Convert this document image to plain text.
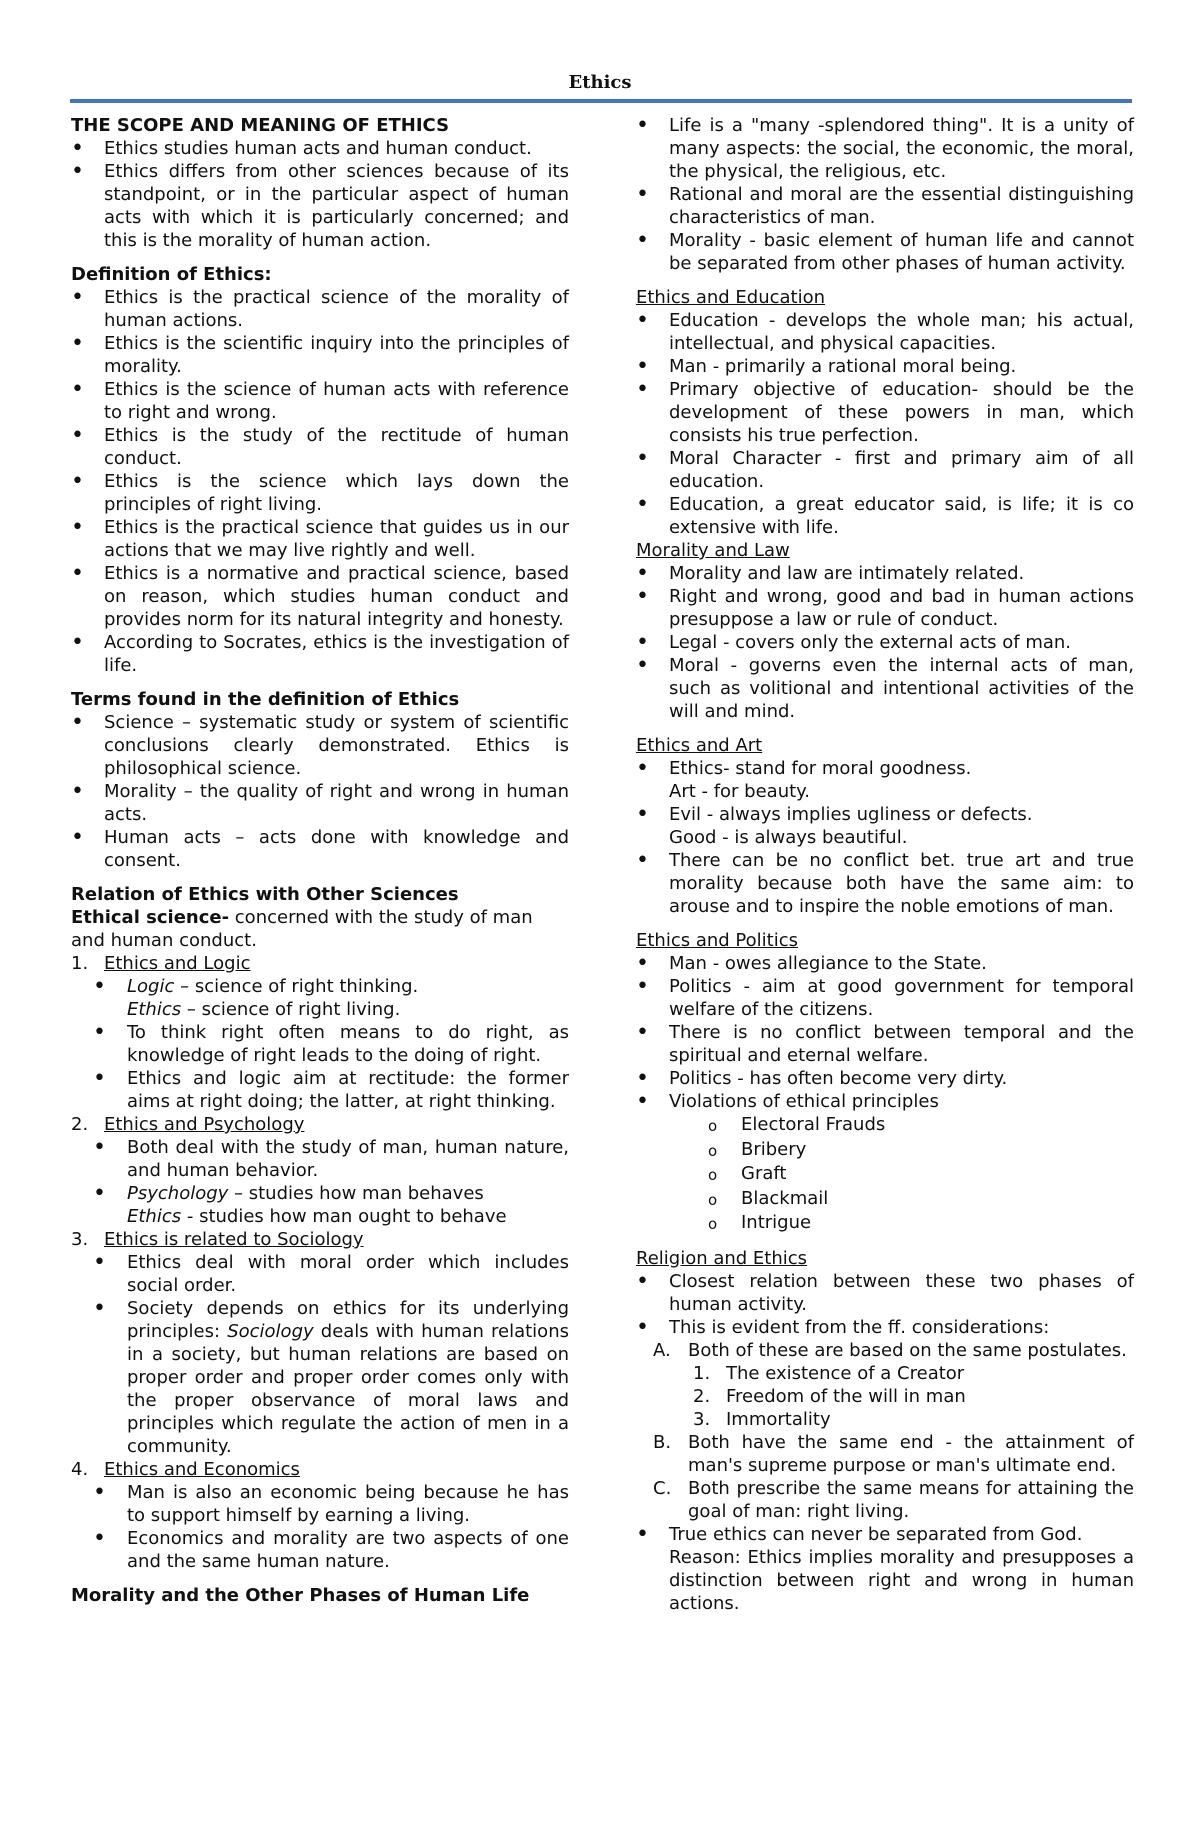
Ethics
THE SCOPE AND MEANING OF ETHICS
• Ethics studies human acts and human conduct.
• Ethics differs from other sciences because of its standpoint, or in the particular aspect of human acts with which it is particularly concerned; and this is the morality of human action.
Definition of Ethics:
• Ethics is the practical science of the morality of human actions.
• Ethics is the scientific inquiry into the principles of morality.
• Ethics is the science of human acts with reference to right and wrong.
• Ethics is the study of the rectitude of human conduct.
• Ethics is the science which lays down the principles of right living.
• Ethics is the practical science that guides us in our actions that we may live rightly and well.
• Ethics is a normative and practical science, based on reason, which studies human conduct and provides norm for its natural integrity and honesty.
• According to Socrates, ethics is the investigation of life.
Terms found in the definition of Ethics
• Science – systematic study or system of scientific conclusions clearly demonstrated. Ethics is philosophical science.
• Morality – the quality of right and wrong in human acts.
• Human acts – acts done with knowledge and consent.
Relation of Ethics with Other Sciences

Ethical science- concerned with the study of man and human conduct.

1. Ethics and Logic
• Logic – science of right thinking.
Ethics – science of right living.
• To think right often means to do right, as knowledge of right leads to the doing of right.
• Ethics and logic aim at rectitude: the former aims at right doing; the latter, at right thinking.
2. Ethics and Psychology
• Both deal with the study of man, human nature, and human behavior.
• Psychology – studies how man behaves
Ethics - studies how man ought to behave
3. Ethics is related to Sociology
• Ethics deal with moral order which includes social order.
• Society depends on ethics for its underlying principles: Sociology deals with human relations in a society, but human relations are based on proper order and proper order comes only with the proper observance of moral laws and principles which regulate the action of men in a community.
4. Ethics and Economics
• Man is also an economic being because he has to support himself by earning a living.
• Economics and morality are two aspects of one and the same human nature.
Morality and the Other Phases of Human Life
• Life is a "many -splendored thing". It is a unity of many aspects: the social, the economic, the moral, the physical, the religious, etc.
• Rational and moral are the essential distinguishing characteristics of man.
• Morality - basic element of human life and cannot be separated from other phases of human activity.

Ethics and Education

• Education - develops the whole man; his actual, intellectual, and physical capacities.
• Man - primarily a rational moral being.
• Primary objective of education- should be the development of these powers in man, which consists his true perfection.
• Moral Character - first and primary aim of all education.
• Education, a great educator said, is life; it is co extensive with life.

Morality and Law

• Morality and law are intimately related.
• Right and wrong, good and bad in human actions presuppose a law or rule of conduct.
• Legal - covers only the external acts of man.
• Moral - governs even the internal acts of man, such as volitional and intentional activities of the will and mind.

Ethics and Art

• Ethics- stand for moral goodness.
Art - for beauty.
• Evil - always implies ugliness or defects.
Good - is always beautiful.
• There can be no conflict bet. true art and true morality because both have the same aim: to arouse and to inspire the noble emotions of man.

Ethics and Politics

• Man - owes allegiance to the State.
• Politics - aim at good government for temporal welfare of the citizens.
• There is no conflict between temporal and the spiritual and eternal welfare.
• Politics - has often become very dirty.
• Violations of ethical principles
o Electoral Frauds
o Bribery
o Graft
o Blackmail
o Intrigue

Religion and Ethics

• Closest relation between these two phases of human activity.
• This is evident from the ff. considerations:
A. Both of these are based on the same postulates.
1. The existence of a Creator
2. Freedom of the will in man
3. Immortality
B. Both have the same end - the attainment of man's supreme purpose or man's ultimate end.
C. Both prescribe the same means for attaining the goal of man: right living.
• True ethics can never be separated from God.
Reason: Ethics implies morality and presupposes a distinction between right and wrong in human actions.
